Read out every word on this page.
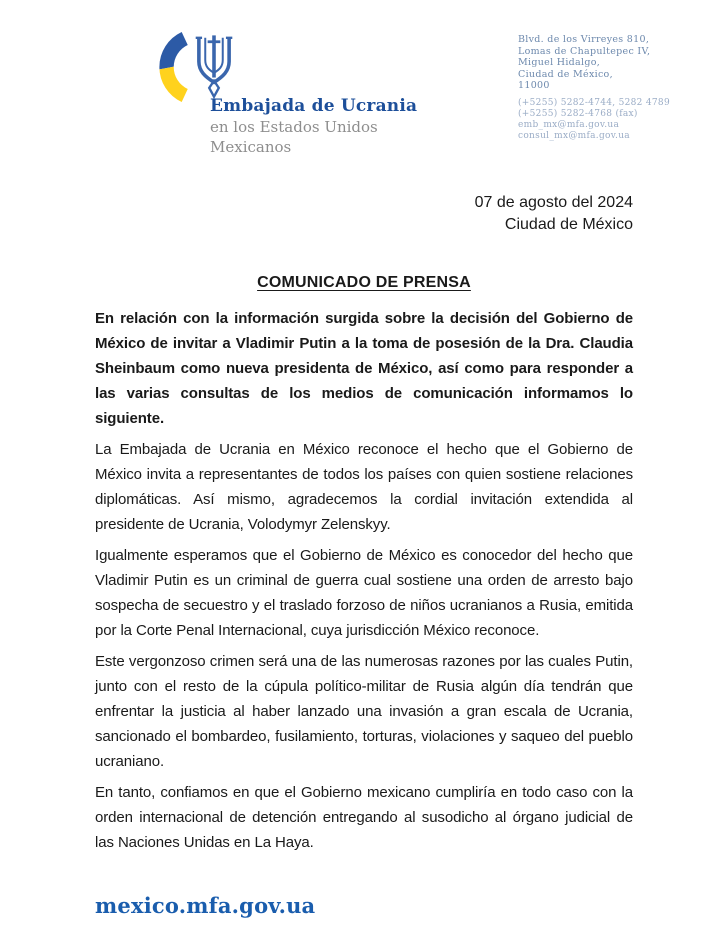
Embajada de Ucrania
en los Estados Unidos
Mexicanos
Blvd. de los Virreyes 810,
Lomas de Chapultepec IV,
Miguel Hidalgo,
Ciudad de México,
11000
(+5255) 5282-4744, 5282 4789
(+5255) 5282-4768 (fax)
emb_mx@mfa.gov.ua
consul_mx@mfa.gov.ua
07 de agosto del 2024
Ciudad de México
COMUNICADO DE PRENSA

En relación con la información surgida sobre la decisión del Gobierno de México de invitar a Vladimir Putin a la toma de posesión de la Dra. Claudia Sheinbaum como nueva presidenta de México, así como para responder a las varias consultas de los medios de comunicación informamos lo siguiente.

La Embajada de Ucrania en México reconoce el hecho que el Gobierno de México invita a representantes de todos los países con quien sostiene relaciones diplomáticas. Así mismo, agradecemos la cordial invitación extendida al presidente de Ucrania, Volodymyr Zelenskyy.

Igualmente esperamos que el Gobierno de México es conocedor del hecho que Vladimir Putin es un criminal de guerra cual sostiene una orden de arresto bajo sospecha de secuestro y el traslado forzoso de niños ucranianos a Rusia, emitida por la Corte Penal Internacional, cuya jurisdicción México reconoce.

Este vergonzoso crimen será una de las numerosas razones por las cuales Putin, junto con el resto de la cúpula político-militar de Rusia algún día tendrán que enfrentar la justicia al haber lanzado una invasión a gran escala de Ucrania, sancionado el bombardeo, fusilamiento, torturas, violaciones y saqueo del pueblo ucraniano.

En tanto, confiamos en que el Gobierno mexicano cumpliría en todo caso con la orden internacional de detención entregando al susodicho al órgano judicial de las Naciones Unidas en La Haya.

mexico.mfa.gov.ua
